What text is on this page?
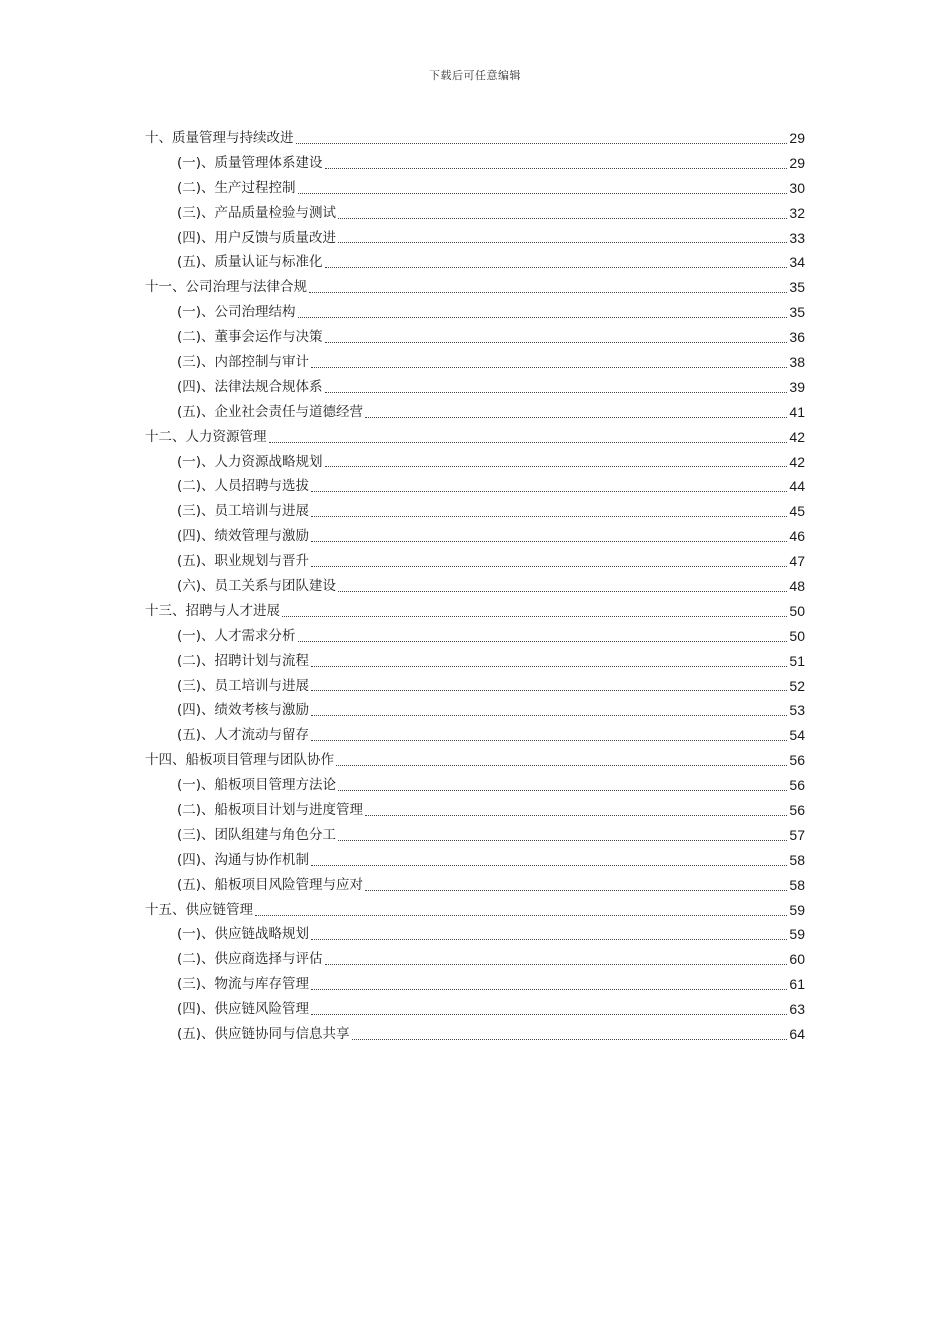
下载后可任意编辑
十、质量管理与持续改进	29
(一)、质量管理体系建设	29
(二)、生产过程控制	30
(三)、产品质量检验与测试	32
(四)、用户反馈与质量改进	33
(五)、质量认证与标准化	34
十一、公司治理与法律合规	35
(一)、公司治理结构	35
(二)、董事会运作与决策	36
(三)、内部控制与审计	38
(四)、法律法规合规体系	39
(五)、企业社会责任与道德经营	41
十二、人力资源管理	42
(一)、人力资源战略规划	42
(二)、人员招聘与选拔	44
(三)、员工培训与进展	45
(四)、绩效管理与激励	46
(五)、职业规划与晋升	47
(六)、员工关系与团队建设	48
十三、招聘与人才进展	50
(一)、人才需求分析	50
(二)、招聘计划与流程	51
(三)、员工培训与进展	52
(四)、绩效考核与激励	53
(五)、人才流动与留存	54
十四、船板项目管理与团队协作	56
(一)、船板项目管理方法论	56
(二)、船板项目计划与进度管理	56
(三)、团队组建与角色分工	57
(四)、沟通与协作机制	58
(五)、船板项目风险管理与应对	58
十五、供应链管理	59
(一)、供应链战略规划	59
(二)、供应商选择与评估	60
(三)、物流与库存管理	61
(四)、供应链风险管理	63
(五)、供应链协同与信息共享	64
